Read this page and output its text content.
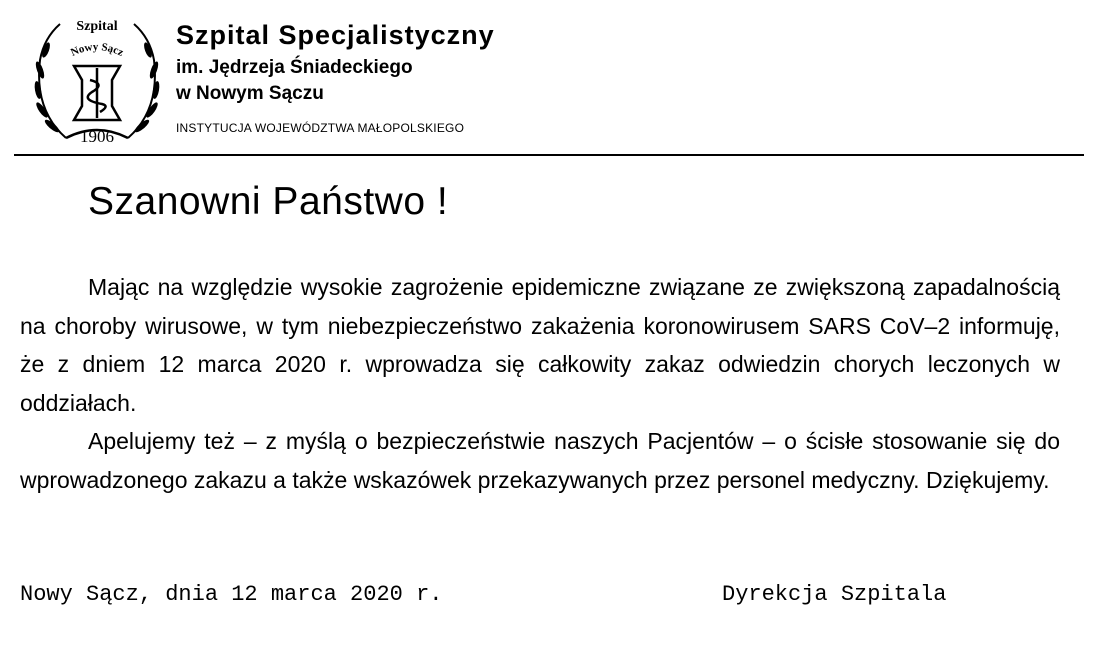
Szpital
Nowy Sącz
1906
Szpital Specjalistyczny
im. Jędrzeja Śniadeckiego
w Nowym Sączu
INSTYTUCJA WOJEWÓDZTWA MAŁOPOLSKIEGO
Szanowni Państwo !

Mając na względzie wysokie zagrożenie epidemiczne związane ze zwiększoną zapadalnością na choroby wirusowe, w tym niebezpieczeństwo zakażenia koronowirusem SARS CoV–2 informuję, że z dniem 12 marca 2020 r. wprowadza się całkowity zakaz odwiedzin chorych leczonych w oddziałach.

Apelujemy też – z myślą o bezpieczeństwie naszych Pacjentów – o ścisłe stosowanie się do wprowadzonego zakazu a także wskazówek przekazywanych przez personel medyczny. Dziękujemy.

Nowy Sącz, dnia 12 marca 2020 r.	Dyrekcja Szpitala
